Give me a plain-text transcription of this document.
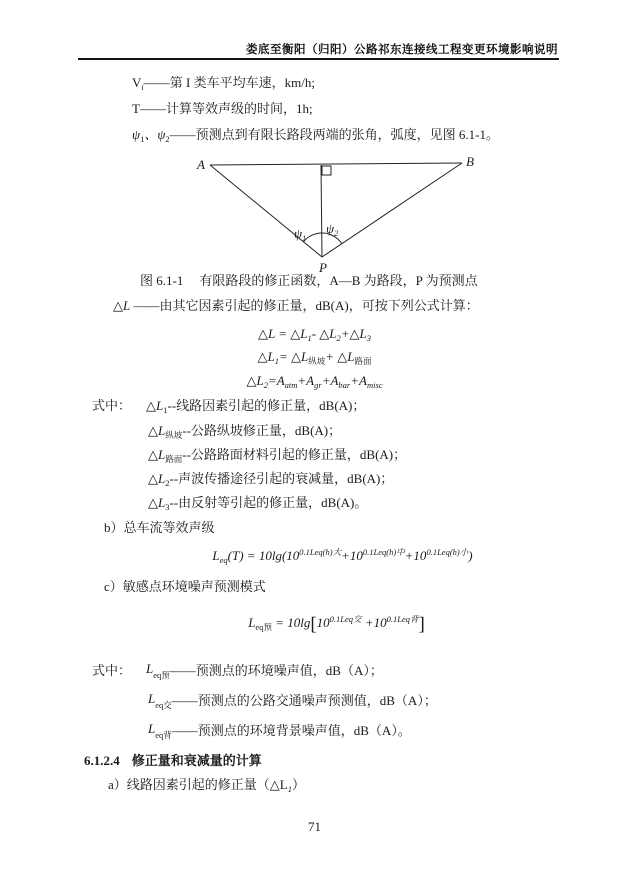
娄底至衡阳（归阳）公路祁东连接线工程变更环境影响说明
$V_i——$第 I 类车平均车速，km/h;
T——计算等效声级的时间，1h;
$\psi_1$、$\psi_2——$预测点到有限长路段两端的张角，弧度，见图 6.1-1。
A	B
P
$\psi_1$
$\psi_2$
图 6.1-1 有限路段的修正函数，A—B 为路段，P 为预测点
△L ——由其它因素引起的修正量，dB(A)，可按下列公式计算：
△L = $\triangle L_1-$ $\triangle L_2+\triangle L_3$
$\triangle L_1=$ $\triangle L_{纵坡}+$ $\triangle L_{路面}$
$\triangle L_2=A_{atm}+A_{gr}+A_{bar}+A_{misc}$
式中： $\triangle L_1--$线路因素引起的修正量，dB(A)；
$\triangle L_{纵坡}--$公路纵坡修正量，dB(A)；
$\triangle L_{路面}--$公路路面材料引起的修正量，dB(A)；
$\triangle L_2--$声波传播途径引起的衰减量，dB(A)；
$\triangle L_3--$由反射等引起的修正量，dB(A)。
b）总车流等效声级
$L_{eq}(T) = 10\lg(10^{0.1Leq(h)大}+10^{0.1Leq(h)中}+10^{0.1Leq(h)小})$
c）敏感点环境噪声预测模式
$L_{eq预} = 10\lg[10^{0.1Leq交} +10^{0.1Leq背}]$
式中： $L_{eq预}——$预测点的环境噪声值，dB（A）；
$L_{eq交}——$预测点的公路交通噪声预测值，dB（A）；
$L_{eq背}——$预测点的环境背景噪声值，dB（A）。
6.1.2.4 修正量和衰减量的计算
a）线路因素引起的修正量$(\triangle L_1)$
71
